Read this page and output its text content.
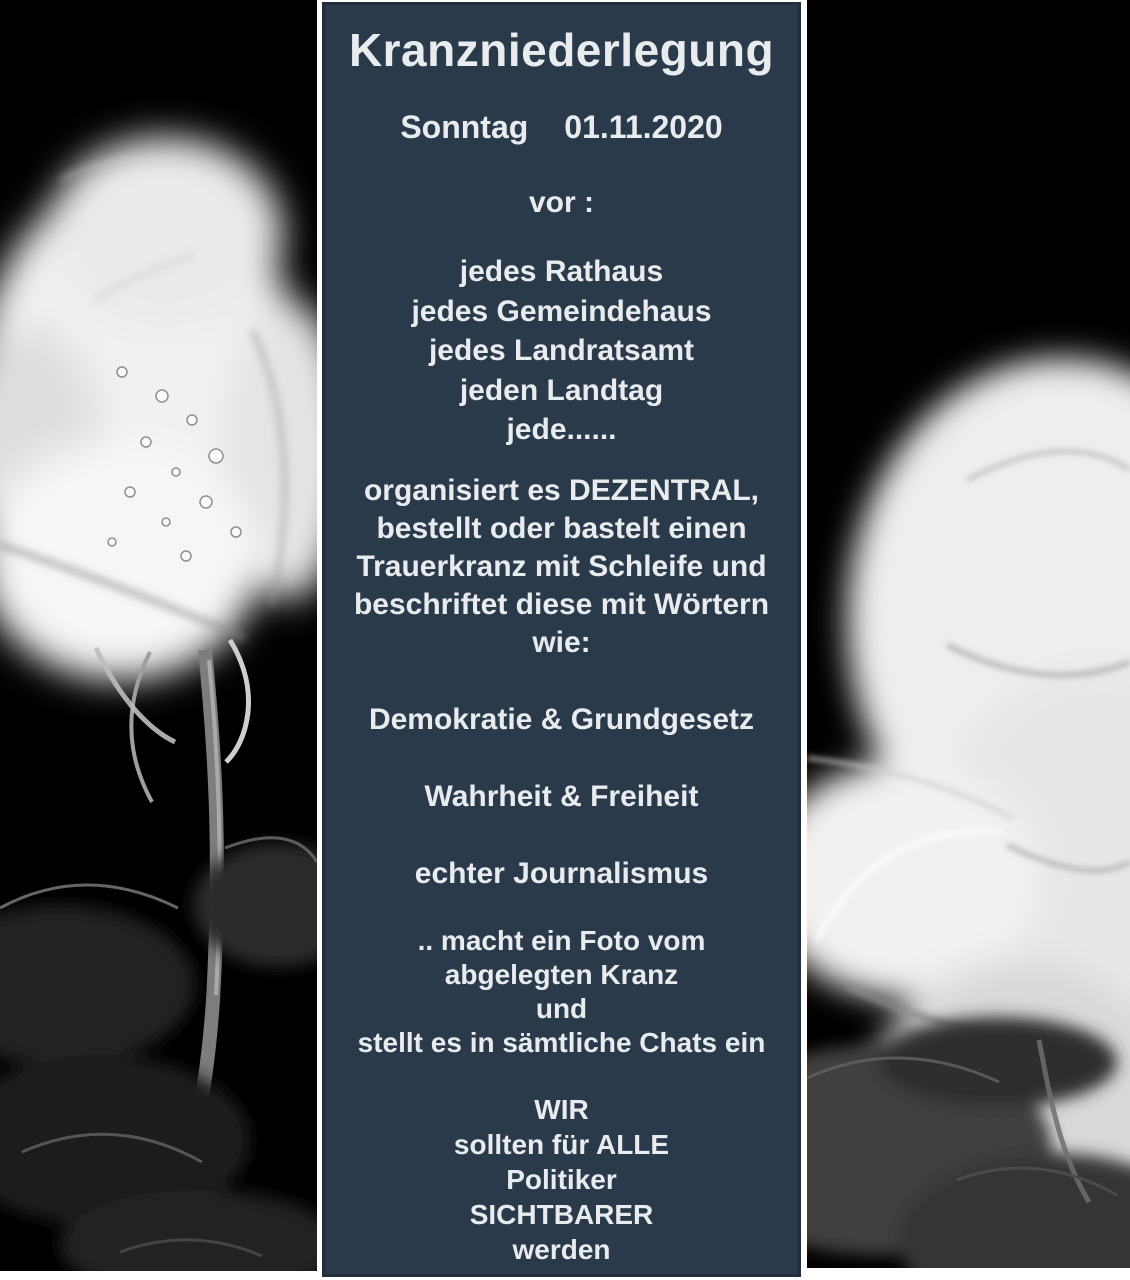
Kranzniederlegung
Sonntag 01.11.2020
vor :
jedes Rathaus
jedes Gemeindehaus
jedes Landratsamt
jeden Landtag
jede......
organisiert es DEZENTRAL,
bestellt oder bastelt einen
Trauerkranz mit Schleife und
beschriftet diese mit Wörtern
wie:
Demokratie & Grundgesetz
Wahrheit & Freiheit
echter Journalismus
.. macht ein Foto vom
abgelegten Kranz
und
stellt es in sämtliche Chats ein
WIR
sollten für ALLE
Politiker
SICHTBARER
werden
